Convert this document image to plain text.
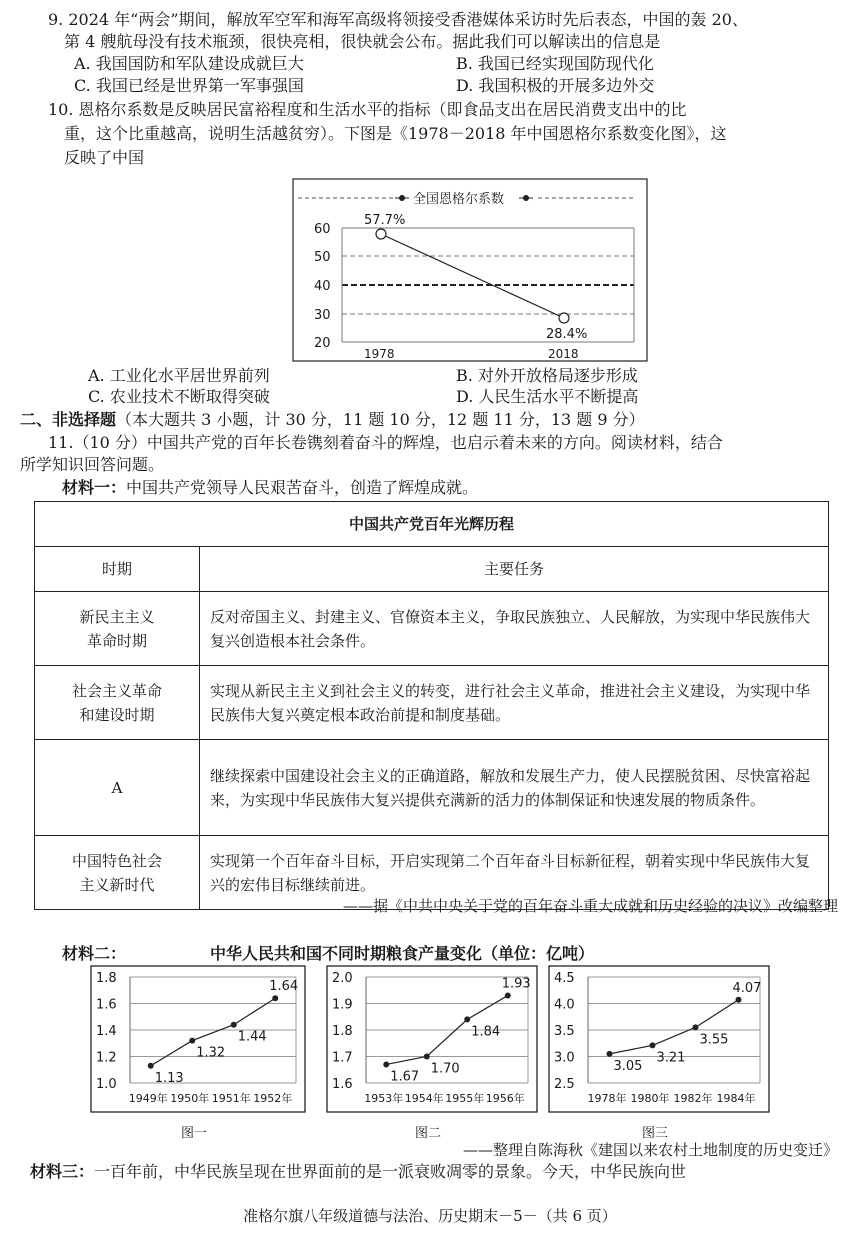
9. 2024 年“两会”期间，解放军空军和海军高级将领接受香港媒体采访时先后表态，中国的轰 20、
第 4 艘航母没有技术瓶颈，很快亮相，很快就会公布。据此我们可以解读出的信息是
A. 我国国防和军队建设成就巨大	B. 我国已经实现国防现代化
C. 我国已经是世界第一军事强国	D. 我国积极的开展多边外交
10. 恩格尔系数是反映居民富裕程度和生活水平的指标（即食品支出在居民消费支出中的比
重，这个比重越高，说明生活越贫穷）。下图是《1978－2018 年中国恩格尔系数变化图》，这
反映了中国
全国恩格尔系数
60
50
40
30
20
1978	2018
57.7%
28.4%
A. 工业化水平居世界前列	B. 对外开放格局逐步形成
C. 农业技术不断取得突破	D. 人民生活水平不断提高
二、非选择题（本大题共 3 小题，计 30 分，11 题 10 分，12 题 11 分，13 题 9 分）
11.（10 分）中国共产党的百年长卷镌刻着奋斗的辉煌，也启示着未来的方向。阅读材料，结合
所学知识回答问题。
材料一：中国共产党领导人民艰苦奋斗，创造了辉煌成就。
中国共产党百年光辉历程	
时期	主要任务
新民主主义
革命时期	反对帝国主义、封建主义、官僚资本主义，争取民族独立、人民解放，为实现中华民族伟大复兴创造根本社会条件。
社会主义革命
和建设时期	实现从新民主主义到社会主义的转变，进行社会主义革命，推进社会主义建设，为实现中华民族伟大复兴奠定根本政治前提和制度基础。
A	继续探索中国建设社会主义的正确道路，解放和发展生产力，使人民摆脱贫困、尽快富裕起来，为实现中华民族伟大复兴提供充满新的活力的体制保证和快速发展的物质条件。
中国特色社会
主义新时代	实现第一个百年奋斗目标，开启实现第二个百年奋斗目标新征程，朝着实现中华民族伟大复兴的宏伟目标继续前进。
——据《中共中央关于党的百年奋斗重大成就和历史经验的决议》改编整理
材料二：	中华人民共和国不同时期粮食产量变化（单位：亿吨）
1.8
1.6
1.4
1.2
1.0	1.13
1949年
1.32
1950年
1.44
1951年
1.64
1952年
图一
2.0
1.9
1.8
1.7
1.6
1.67
1953年
1.70
1954年
1.84
1955年
1.93
1956年
图二
4.5
4.0
3.5
3.0
2.5
3.05
1978年
3.21
1980年
3.55
1982年
4.07
1984年
图三
——整理自陈海秋《建国以来农村土地制度的历史变迁》
材料三：一百年前，中华民族呈现在世界面前的是一派衰败凋零的景象。今天，中华民族向世
准格尔旗八年级道德与法治、历史期末－5－（共 6 页）
